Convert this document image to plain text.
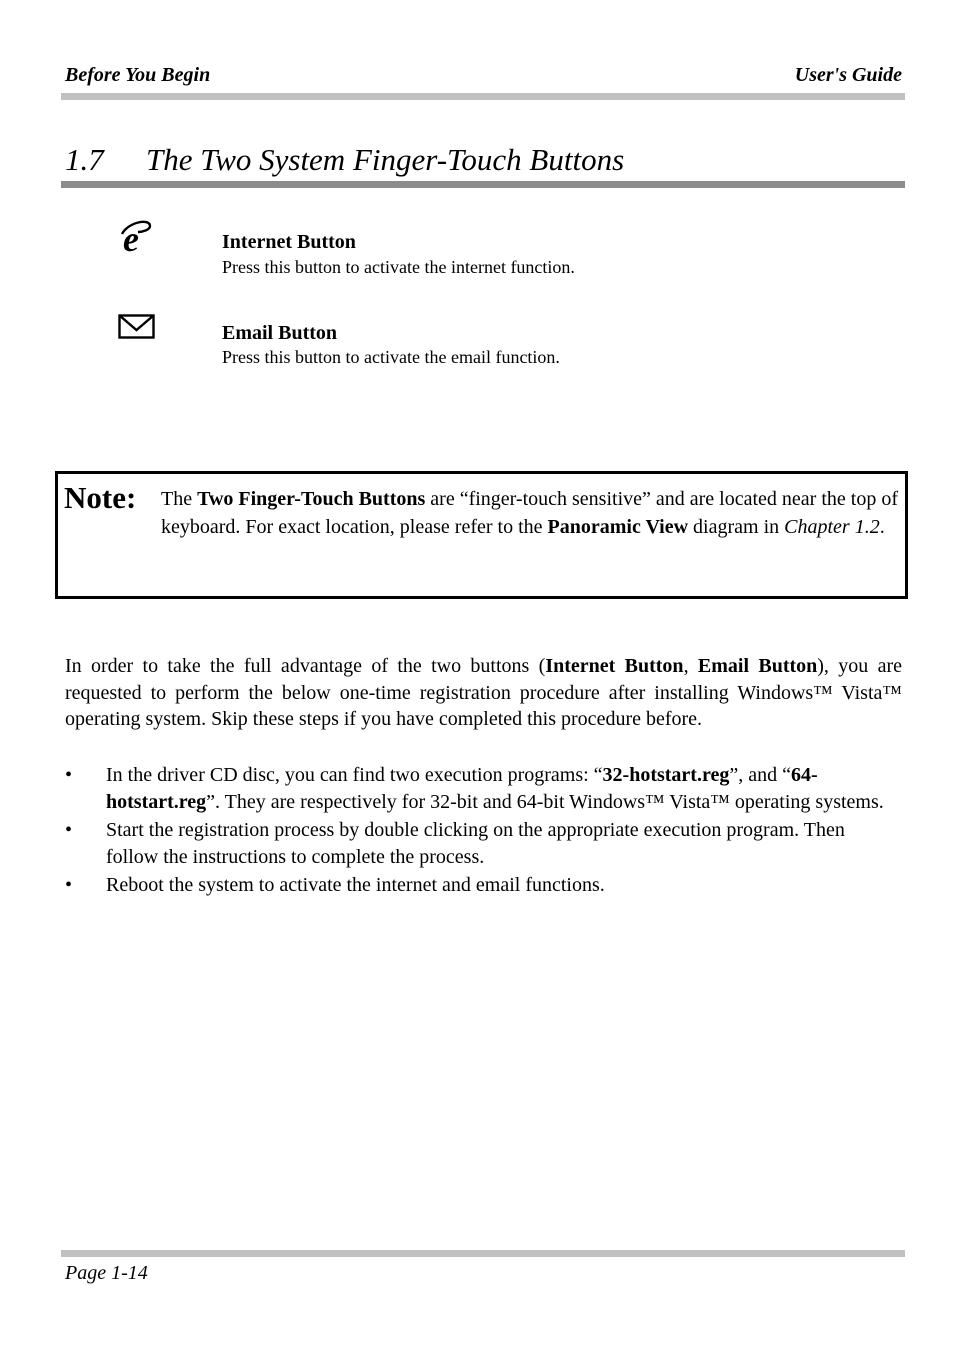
Before You Begin	User's Guide
1.7 The Two System Finger-Touch Buttons
e	Internet Button
Press this button to activate the internet function.
Email Button
Press this button to activate the email function.
Note: The Two Finger-Touch Buttons are “finger-touch sensitive” and are located near the top of keyboard. For exact location, please refer to the Panoramic View diagram in Chapter 1.2.
In order to take the full advantage of the two buttons (Internet Button, Email Button), you are requested to perform the below one-time registration procedure after installing Windows™ Vista™ operating system. Skip these steps if you have completed this procedure before.
• In the driver CD disc, you can find two execution programs: “32-hotstart.reg”, and “64-hotstart.reg”. They are respectively for 32-bit and 64-bit Windows™ Vista™ operating systems.
• Start the registration process by double clicking on the appropriate execution program. Then follow the instructions to complete the process.
• Reboot the system to activate the internet and email functions.
Page 1-14
